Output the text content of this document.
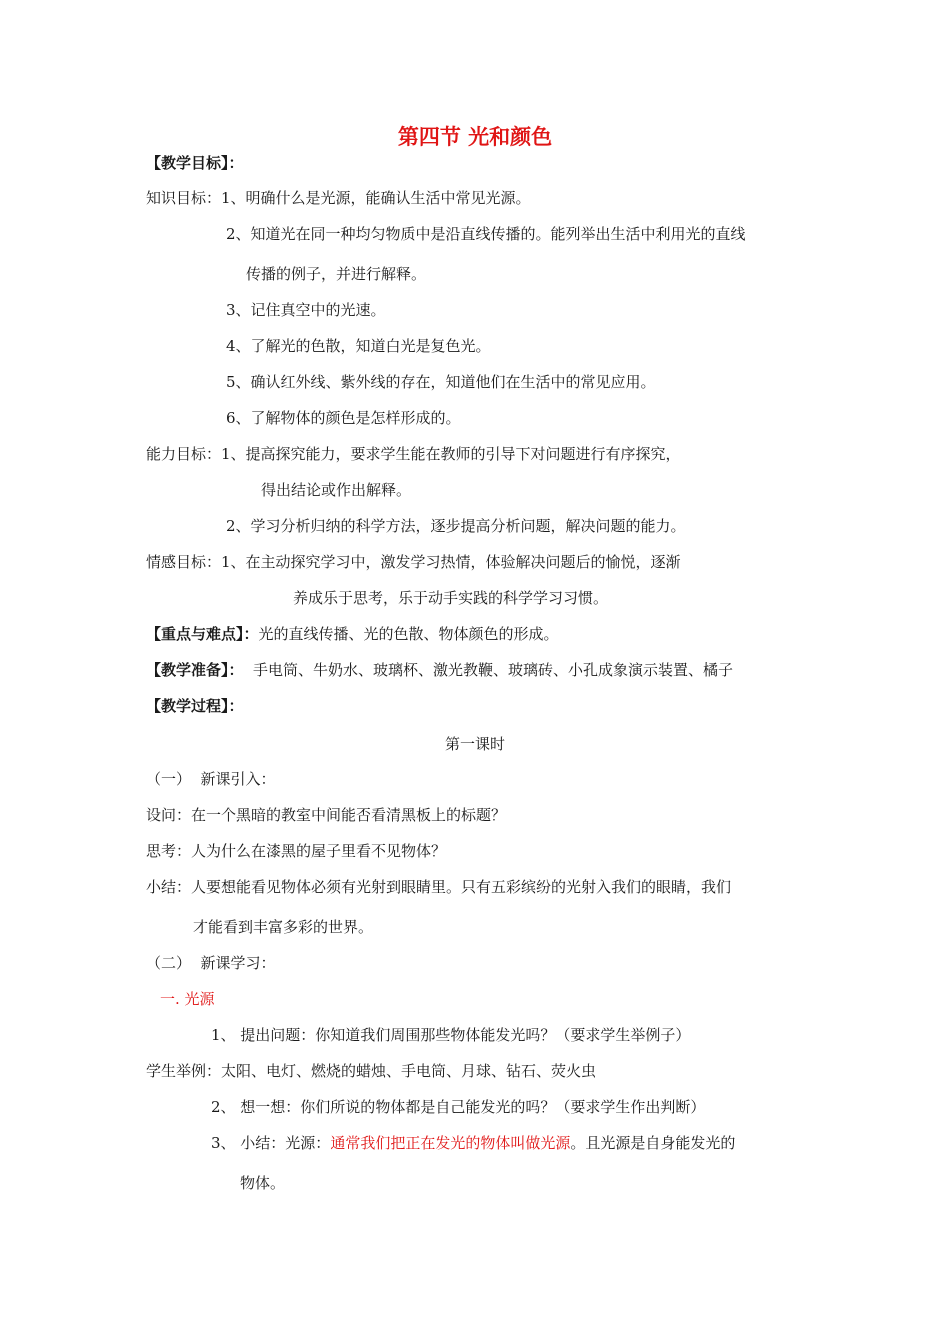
第四节 光和颜色
【教学目标】：
知识目标：1、明确什么是光源，能确认生活中常见光源。
2、知道光在同一种均匀物质中是沿直线传播的。能列举出生活中利用光的直线
传播的例子，并进行解释。
3、记住真空中的光速。
4、了解光的色散，知道白光是复色光。
5、确认红外线、紫外线的存在，知道他们在生活中的常见应用。
6、了解物体的颜色是怎样形成的。
能力目标：1、提高探究能力，要求学生能在教师的引导下对问题进行有序探究，
得出结论或作出解释。
2、学习分析归纳的科学方法，逐步提高分析问题，解决问题的能力。
情感目标：1、在主动探究学习中，激发学习热情，体验解决问题后的愉悦，逐渐
养成乐于思考，乐于动手实践的科学学习习惯。
【重点与难点】：光的直线传播、光的色散、物体颜色的形成。
【教学准备】：  手电筒、牛奶水、玻璃杯、激光教鞭、玻璃砖、小孔成象演示装置、橘子
【教学过程】：
第一课时
（一）  新课引入：
设问：在一个黑暗的教室中间能否看清黑板上的标题？
思考：人为什么在漆黑的屋子里看不见物体？
小结：人要想能看见物体必须有光射到眼睛里。只有五彩缤纷的光射入我们的眼睛，我们
才能看到丰富多彩的世界。
（二）  新课学习：
一. 光源
1、 提出问题：你知道我们周围那些物体能发光吗？（要求学生举例子）
学生举例：太阳、电灯、燃烧的蜡烛、手电筒、月球、钻石、荧火虫
2、 想一想：你们所说的物体都是自己能发光的吗？（要求学生作出判断）
3、 小结：光源：通常我们把正在发光的物体叫做光源。且光源是自身能发光的
物体。
